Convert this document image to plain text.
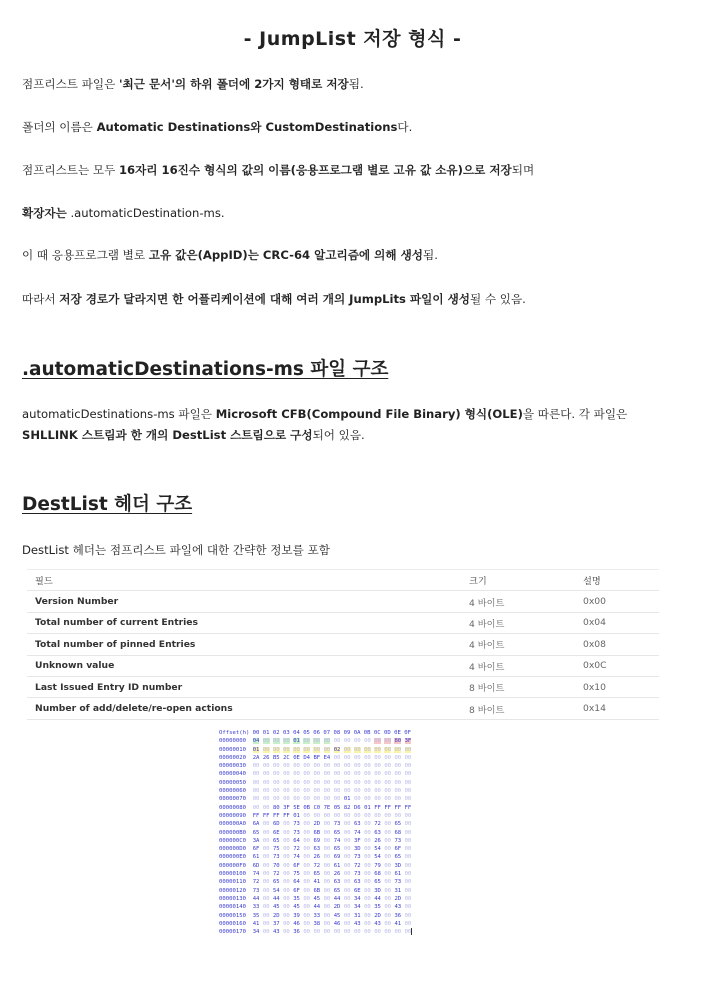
- JumpList 저장 형식 -
점프리스트 파일은 '최근 문서'의 하위 폴더에 2가지 형태로 저장됨.
폴더의 이름은 Automatic Destinations와 CustomDestinations다.
점프리스트는 모두 16자리 16진수 형식의 값의 이름(응용프로그램 별로 고유 값 소유)으로 저장되며
확장자는 .automaticDestination-ms.
이 때 응용프로그램 별로 고유 값은(AppID)는 CRC-64 알고리즘에 의해 생성됨.
따라서 저장 경로가 달라지면 한 어플리케이션에 대해 여러 개의 JumpLits 파일이 생성될 수 있음.
.automaticDestinations-ms 파일 구조
automaticDestinations-ms 파일은 Microsoft CFB(Compound File Binary) 형식(OLE)을 따른다. 각 파일은 SHLLINK 스트림과 한 개의 DestList 스트림으로 구성되어 있음.
DestList 헤더 구조
DestList 헤더는 점프리스트 파일에 대한 간략한 정보를 포함
필드	크기	설명
Version Number	4 바이트	0x00
Total number of current Entries	4 바이트	0x04
Total number of pinned Entries	4 바이트	0x08
Unknown value	4 바이트	0x0C
Last Issued Entry ID number	8 바이트	0x10
Number of add/delete/re-open actions	8 바이트	0x14
Offset(h) 00 01 02 03 04 05 06 07 08 09 0A 0B 0C 0D 0E 0F
00000000  04 00 00 00 01 00 00 00 00 00 00 00 00 00 80 3F
00000010  01 00 00 00 00 00 00 00 02 00 00 00 00 00 00 00
00000020  2A 26 B5 2C 0E D4 BF E4 00 00 00 00 00 00 00 00
00000030  00 00 00 00 00 00 00 00 00 00 00 00 00 00 00 00
00000040  00 00 00 00 00 00 00 00 00 00 00 00 00 00 00 00
00000050  00 00 00 00 00 00 00 00 00 00 00 00 00 00 00 00
00000060  00 00 00 00 00 00 00 00 00 00 00 00 00 00 00 00
00000070  00 00 00 00 00 00 00 00 00 01 00 00 00 00 00 00
00000080  00 00 80 3F 5E 0B C0 7E 05 82 D6 01 FF FF FF FF
00000090  FF FF FF FF 01 00 00 00 00 00 00 00 00 00 00 00
000000A0  6A 00 6D 00 73 00 2D 00 73 00 63 00 72 00 65 00
000000B0  65 00 6E 00 73 00 6B 00 65 00 74 00 63 00 68 00
000000C0  3A 00 65 00 64 00 69 00 74 00 3F 00 26 00 73 00
000000D0  6F 00 75 00 72 00 63 00 65 00 3D 00 54 00 6F 00
000000E0  61 00 73 00 74 00 26 00 69 00 73 00 54 00 65 00
000000F0  6D 00 70 00 6F 00 72 00 61 00 72 00 79 00 3D 00
00000100  74 00 72 00 75 00 65 00 26 00 73 00 68 00 61 00
00000110  72 00 65 00 64 00 41 00 63 00 63 00 65 00 73 00
00000120  73 00 54 00 6F 00 6B 00 65 00 6E 00 3D 00 31 00
00000130  44 00 44 00 35 00 45 00 44 00 34 00 44 00 2D 00
00000140  33 00 45 00 45 00 44 00 2D 00 34 00 35 00 43 00
00000150  35 00 2D 00 39 00 33 00 45 00 31 00 2D 00 36 00
00000160  41 00 37 00 46 00 38 00 46 00 43 00 43 00 41 00
00000170  34 00 43 00 36 00 00 00 00 00 00 00 00 00 00 00
